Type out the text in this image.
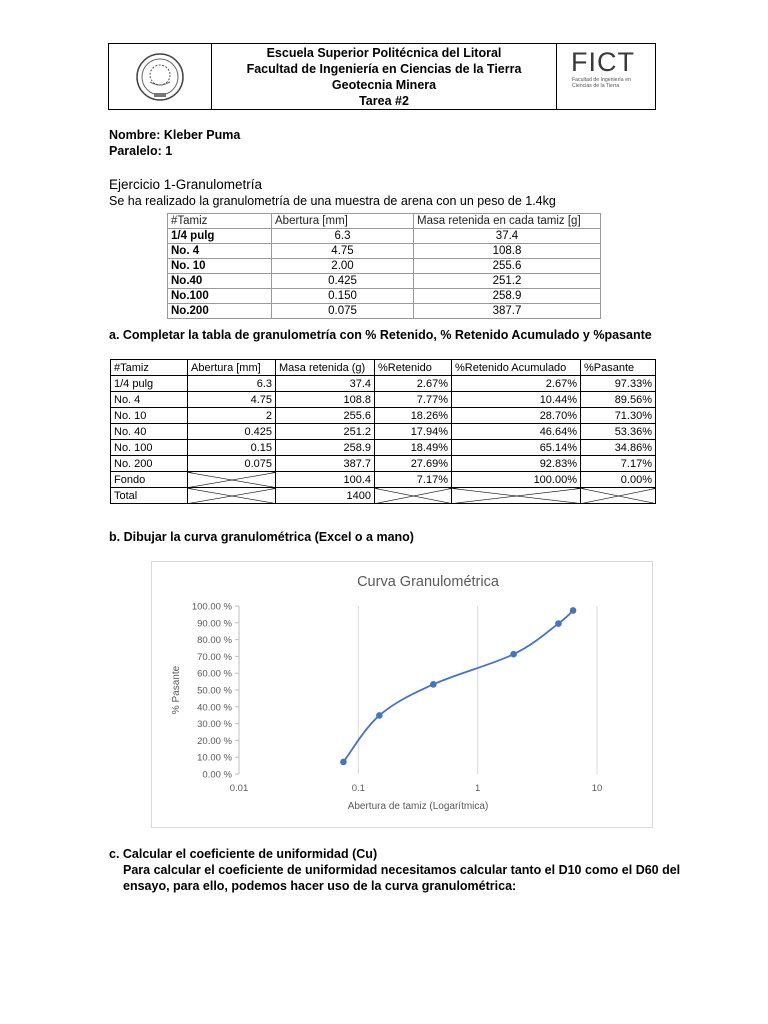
Escuela Superior Politécnica del Litoral
Facultad de Ingeniería en Ciencias de la Tierra
Geotecnia Minera
Tarea #2
FICT
Facultad de Ingeniería en
Ciencias de la Tierra
Nombre: Kleber Puma
Paralelo: 1
Ejercicio 1-Granulometría
Se ha realizado la granulometría de una muestra de arena con un peso de 1.4kg
#Tamiz	Abertura [mm]	Masa retenida en cada tamiz [g]
1/4 pulg	6.3	37.4
No. 4	4.75	108.8
No. 10	2.00	255.6
No.40	0.425	251.2
No.100	0.150	258.9
No.200	0.075	387.7
a. Completar la tabla de granulometría con % Retenido, % Retenido Acumulado y %pasante
#Tamiz	Abertura [mm]	Masa retenida (g)	%Retenido	%Retenido Acumulado	%Pasante
1/4 pulg	6.3	37.4	2.67%	2.67%	97.33%
No. 4	4.75	108.8	7.77%	10.44%	89.56%
No. 10	2	255.6	18.26%	28.70%	71.30%
No. 40	0.425	251.2	17.94%	46.64%	53.36%
No. 100	0.15	258.9	18.49%	65.14%	34.86%
No. 200	0.075	387.7	27.69%	92.83%	7.17%
Fondo		100.4	7.17%	100.00%	0.00%
Total		1400			
b. Dibujar la curva granulométrica (Excel o a mano)
Curva Granulométrica
0.01	0.1	1	10
0.00 %
10.00 %
20.00 %
30.00 %
40.00 %
50.00 %
60.00 %
70.00 %
80.00 %
90.00 %
100.00 %
Abertura de tamiz (Logarítmica)
% Pasante
c. Calcular el coeficiente de uniformidad (Cu)
Para calcular el coeficiente de uniformidad necesitamos calcular tanto el D10 como el D60 del
ensayo, para ello, podemos hacer uso de la curva granulométrica:
